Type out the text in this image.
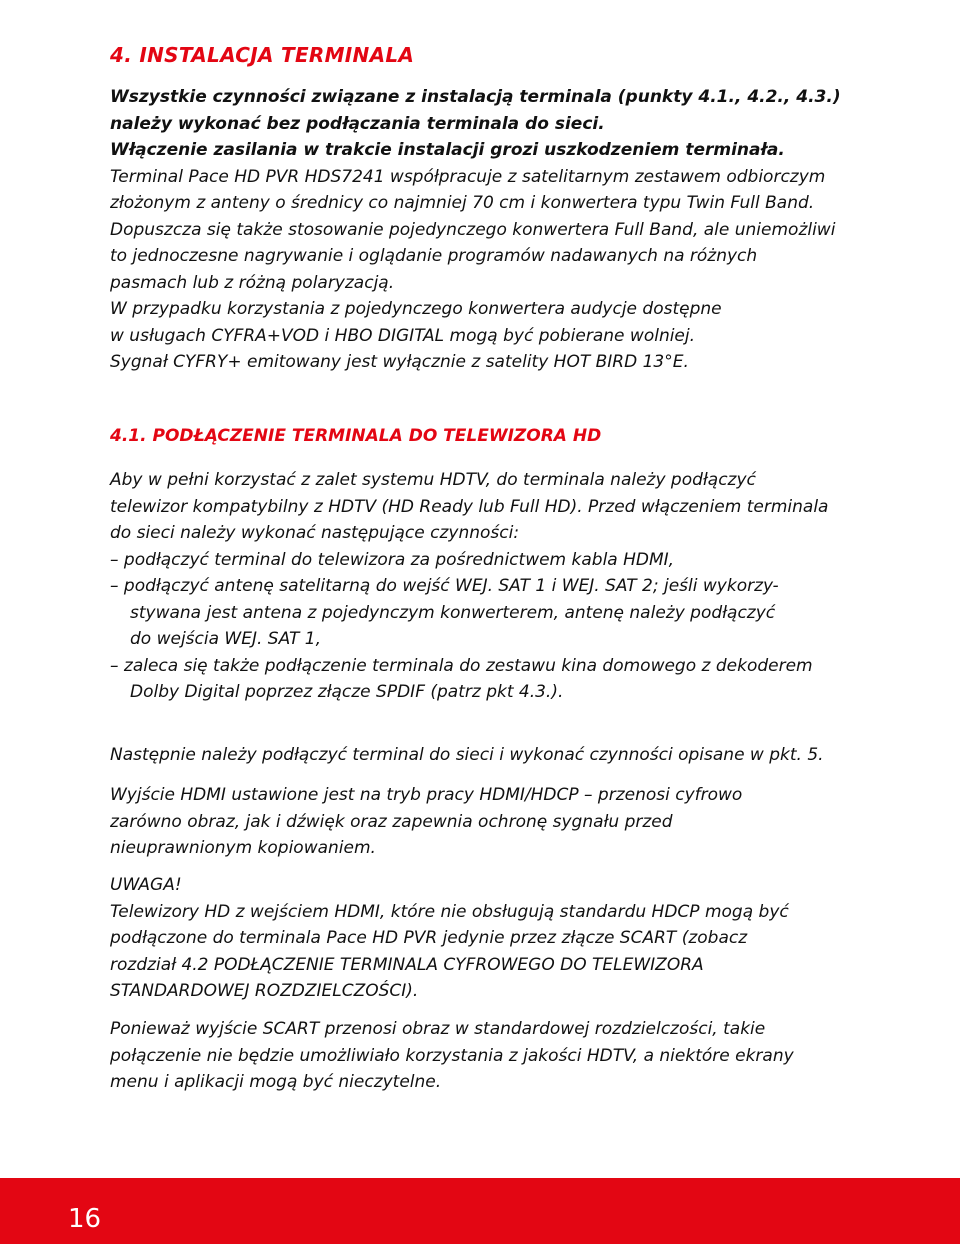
4. INSTALACJA TERMINALA
Wszystkie czynności związane z instalacją terminala (punkty 4.1., 4.2., 4.3.)
należy wykonać bez podłączania terminala do sieci.
Włączenie zasilania w trakcie instalacji grozi uszkodzeniem terminała.
Terminal Pace HD PVR HDS7241 współpracuje z satelitarnym zestawem odbiorczym
złożonym z anteny o średnicy co najmniej 70 cm i konwertera typu Twin Full Band.
Dopuszcza się także stosowanie pojedynczego konwertera Full Band, ale uniemożliwi
to jednoczesne nagrywanie i oglądanie programów nadawanych na różnych
pasmach lub z różną polaryzacją.
W przypadku korzystania z pojedynczego konwertera audycje dostępne
w usługach CYFRA+VOD i HBO DIGITAL mogą być pobierane wolniej.
Sygnał CYFRY+ emitowany jest wyłącznie z satelity HOT BIRD 13°E.
4.1. PODŁĄCZENIE TERMINALA DO TELEWIZORA HD
Aby w pełni korzystać z zalet systemu HDTV, do terminala należy podłączyć
telewizor kompatybilny z HDTV (HD Ready lub Full HD). Przed włączeniem terminala
do sieci należy wykonać następujące czynności:
– podłączyć terminal do telewizora za pośrednictwem kabla HDMI,
– podłączyć antenę satelitarną do wejść WEJ. SAT 1 i WEJ. SAT 2; jeśli wykorzy-
stywana jest antena z pojedynczym konwerterem, antenę należy podłączyć
do wejścia WEJ. SAT 1,
– zaleca się także podłączenie terminala do zestawu kina domowego z dekoderem
Dolby Digital poprzez złącze SPDIF (patrz pkt 4.3.).
Następnie należy podłączyć terminal do sieci i wykonać czynności opisane w pkt. 5.
Wyjście HDMI ustawione jest na tryb pracy HDMI/HDCP – przenosi cyfrowo
zarówno obraz, jak i dźwięk oraz zapewnia ochronę sygnału przed
nieuprawnionym kopiowaniem.
UWAGA!
Telewizory HD z wejściem HDMI, które nie obsługują standardu HDCP mogą być
podłączone do terminala Pace HD PVR jedynie przez złącze SCART (zobacz
rozdział 4.2 PODŁĄCZENIE TERMINALA CYFROWEGO DO TELEWIZORA
STANDARDOWEJ ROZDZIELCZOŚCI).
Ponieważ wyjście SCART przenosi obraz w standardowej rozdzielczości, takie
połączenie nie będzie umożliwiało korzystania z jakości HDTV, a niektóre ekrany
menu i aplikacji mogą być nieczytelne.
16
